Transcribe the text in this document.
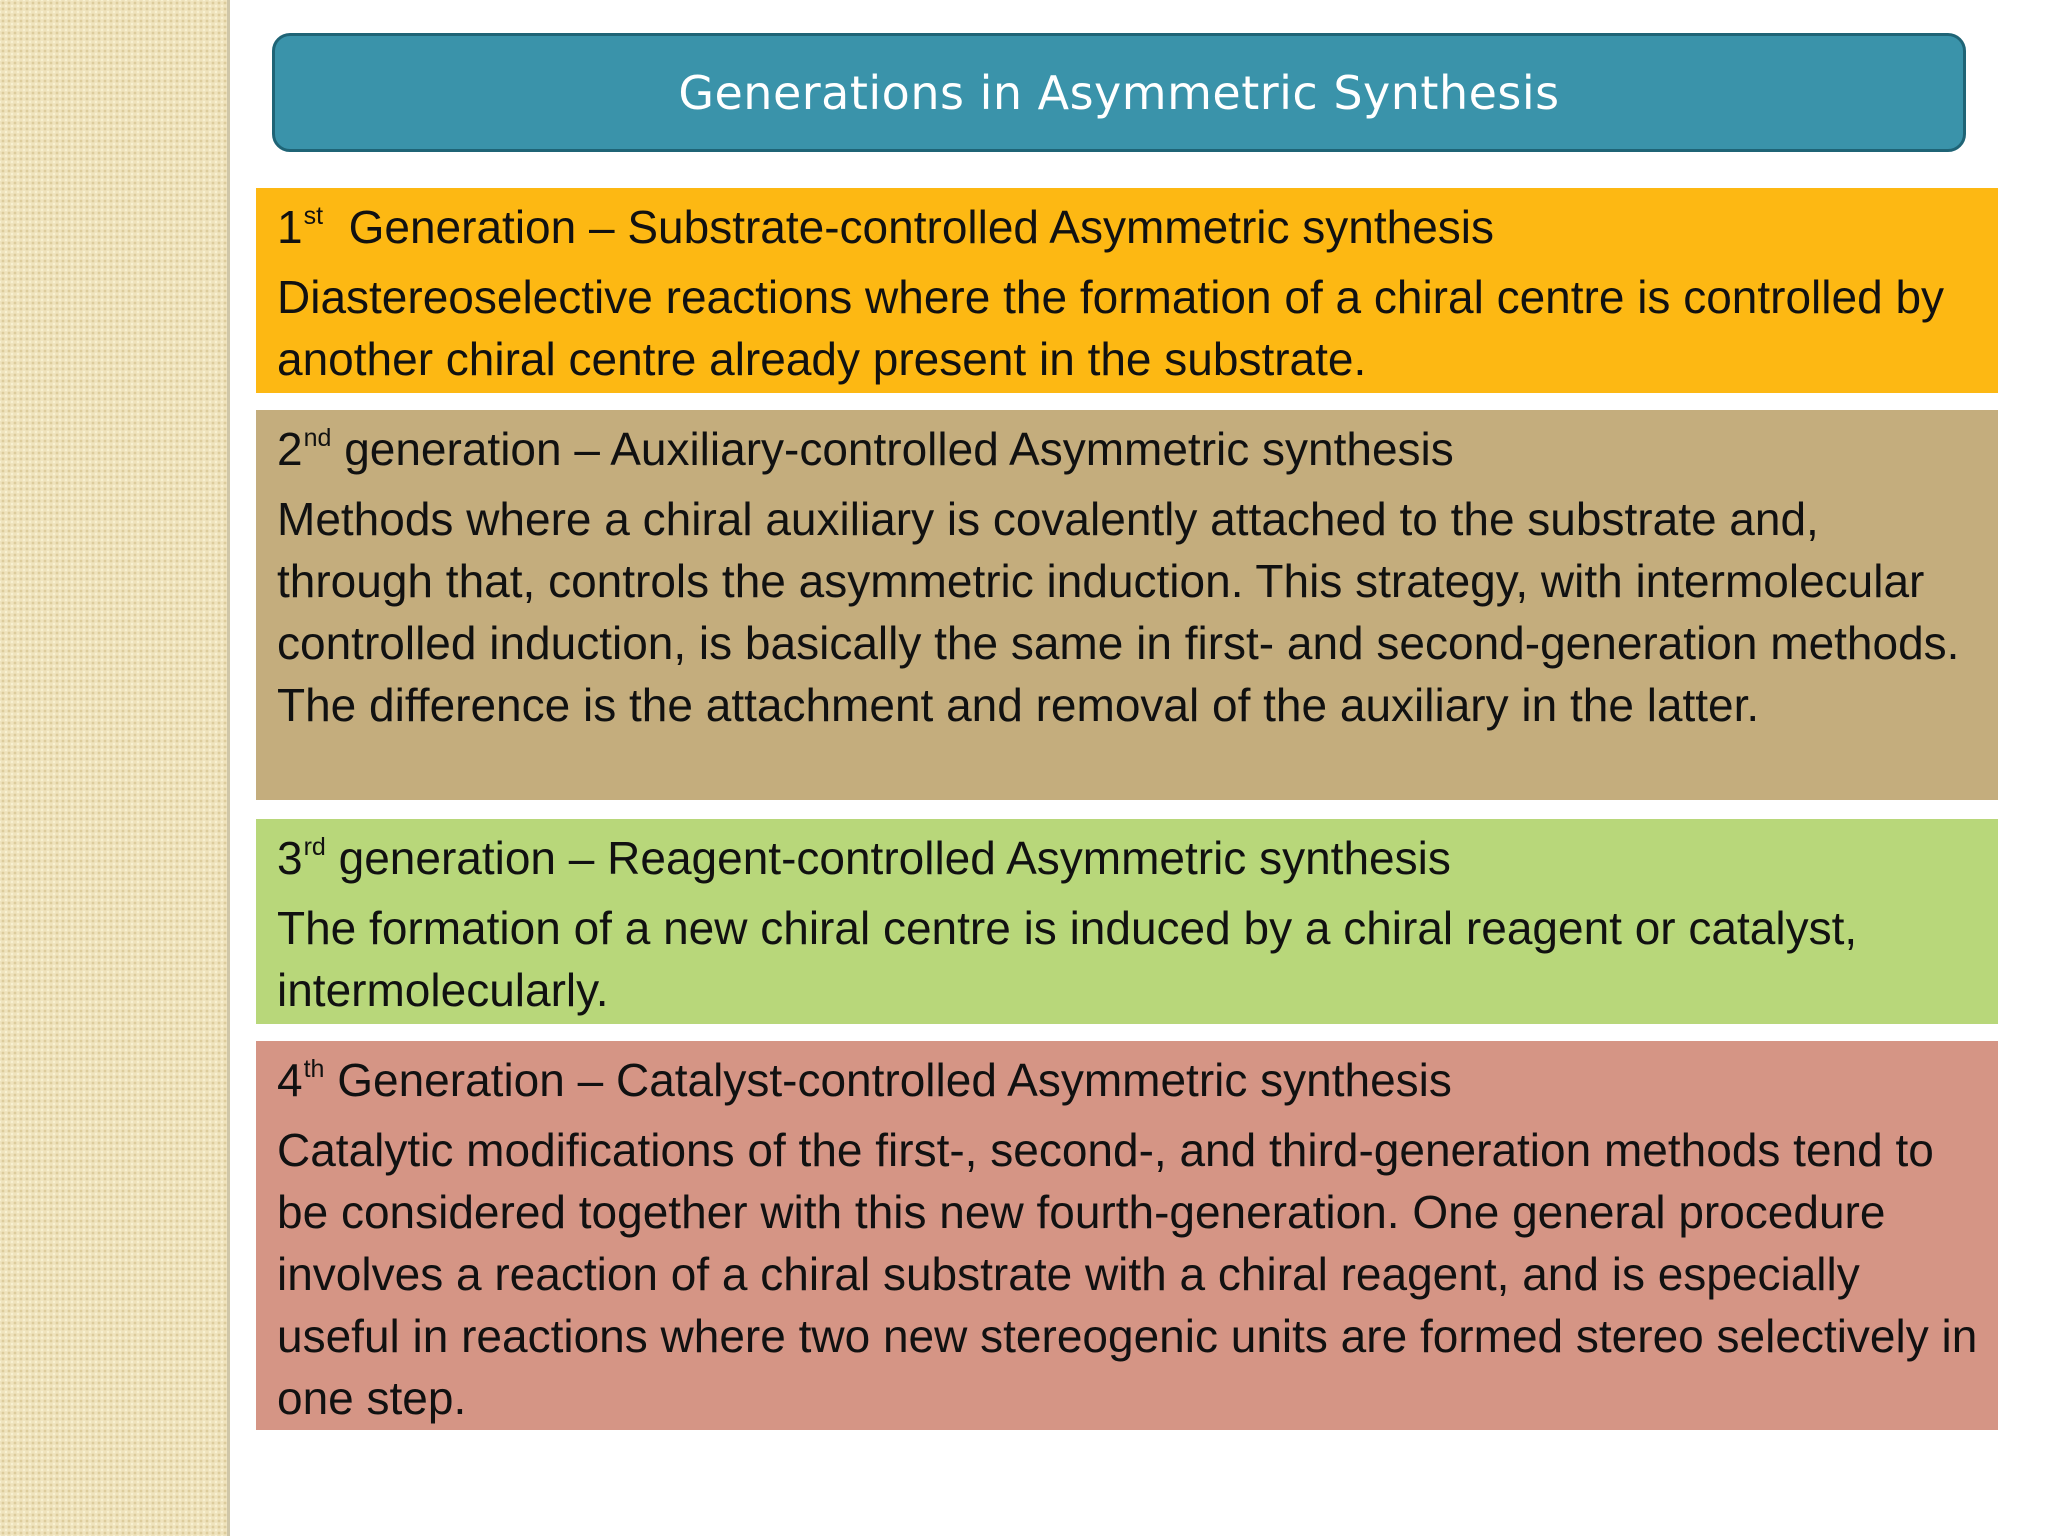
Generations in Asymmetric Synthesis

1st Generation – Substrate-controlled Asymmetric synthesis

Diastereoselective reactions where the formation of a chiral centre is controlled by another chiral centre already present in the substrate.

2nd generation – Auxiliary-controlled Asymmetric synthesis

Methods where a chiral auxiliary is covalently attached to the substrate and, through that, controls the asymmetric induction. This strategy, with intermolecular controlled induction, is basically the same in first- and second-generation methods. The difference is the attachment and removal of the auxiliary in the latter.

3rd generation – Reagent-controlled Asymmetric synthesis

The formation of a new chiral centre is induced by a chiral reagent or catalyst, intermolecularly.

4th Generation – Catalyst-controlled Asymmetric synthesis

Catalytic modifications of the first-, second-, and third-generation methods tend to be considered together with this new fourth-generation. One general procedure involves a reaction of a chiral substrate with a chiral reagent, and is especially useful in reactions where two new stereogenic units are formed stereo selectively in one step.
